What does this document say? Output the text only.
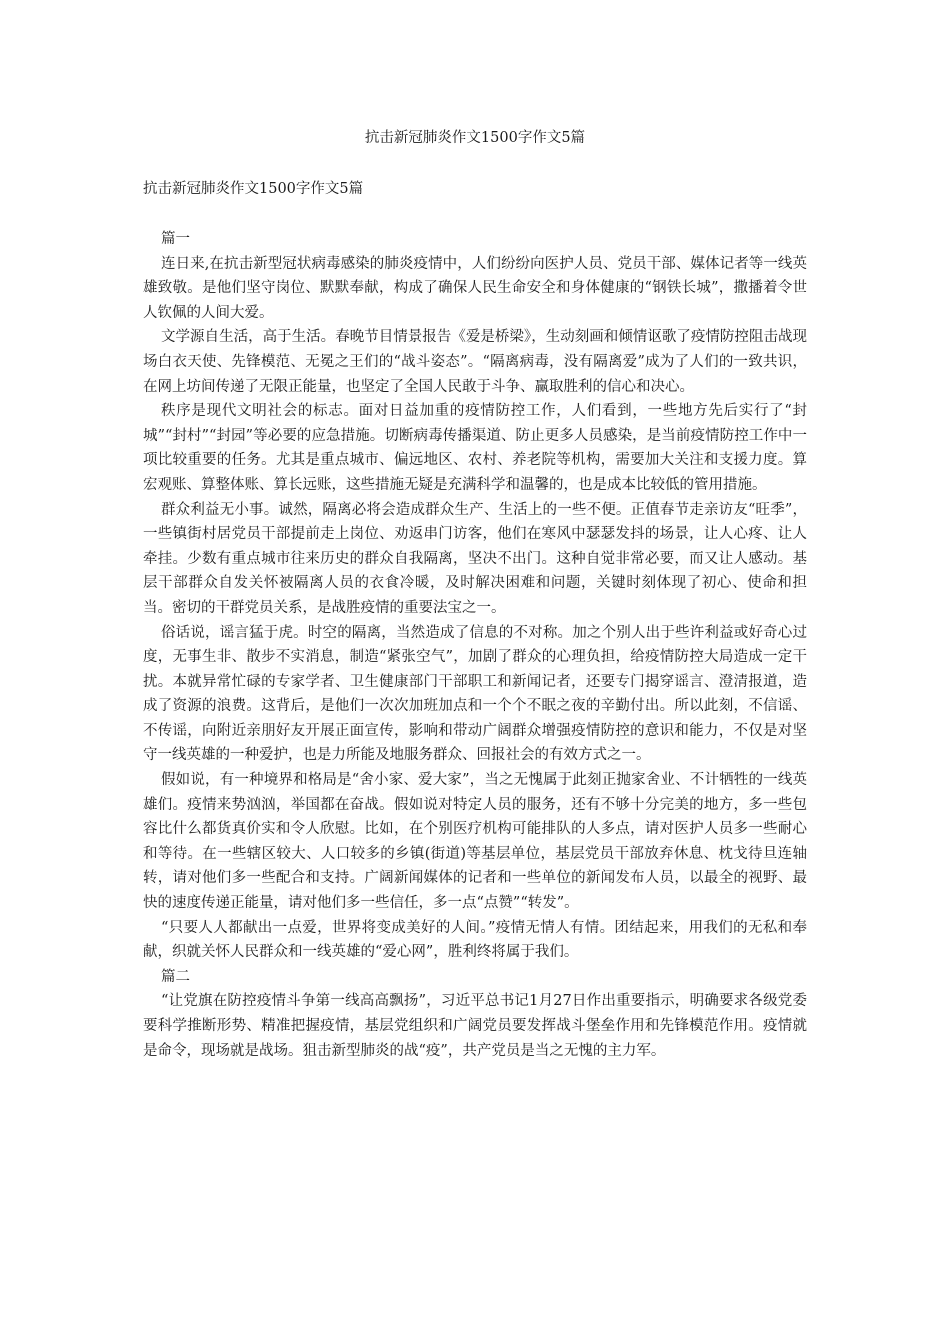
抗击新冠肺炎作文1500字作文5篇
抗击新冠肺炎作文1500字作文5篇

篇一

连日来,在抗击新型冠状病毒感染的肺炎疫情中，人们纷纷向医护人员、党员干部、媒体记者等一线英雄致敬。是他们坚守岗位、默默奉献，构成了确保人民生命安全和身体健康的“钢铁长城”，撒播着令世人钦佩的人间大爱。

文学源自生活，高于生活。春晚节目情景报告《爱是桥梁》，生动刻画和倾情讴歌了疫情防控阻击战现场白衣天使、先锋模范、无冕之王们的“战斗姿态”。“隔离病毒，没有隔离爱”成为了人们的一致共识，在网上坊间传递了无限正能量，也坚定了全国人民敢于斗争、赢取胜利的信心和决心。

秩序是现代文明社会的标志。面对日益加重的疫情防控工作，人们看到，一些地方先后实行了“封城”“封村”“封园”等必要的应急措施。切断病毒传播渠道、防止更多人员感染，是当前疫情防控工作中一项比较重要的任务。尤其是重点城市、偏远地区、农村、养老院等机构，需要加大关注和支援力度。算宏观账、算整体账、算长远账，这些措施无疑是充满科学和温馨的，也是成本比较低的管用措施。

群众利益无小事。诚然，隔离必将会造成群众生产、生活上的一些不便。正值春节走亲访友“旺季”，一些镇街村居党员干部提前走上岗位、劝返串门访客，他们在寒风中瑟瑟发抖的场景，让人心疼、让人牵挂。少数有重点城市往来历史的群众自我隔离，坚决不出门。这种自觉非常必要，而又让人感动。基层干部群众自发关怀被隔离人员的衣食冷暖，及时解决困难和问题，关键时刻体现了初心、使命和担当。密切的干群党员关系，是战胜疫情的重要法宝之一。

俗话说，谣言猛于虎。时空的隔离，当然造成了信息的不对称。加之个别人出于些许利益或好奇心过度，无事生非、散步不实消息，制造“紧张空气”，加剧了群众的心理负担，给疫情防控大局造成一定干扰。本就异常忙碌的专家学者、卫生健康部门干部职工和新闻记者，还要专门揭穿谣言、澄清报道，造成了资源的浪费。这背后，是他们一次次加班加点和一个个不眠之夜的辛勤付出。所以此刻，不信谣、不传谣，向附近亲朋好友开展正面宣传，影响和带动广阔群众增强疫情防控的意识和能力，不仅是对坚守一线英雄的一种爱护，也是力所能及地服务群众、回报社会的有效方式之一。

假如说，有一种境界和格局是“舍小家、爱大家”，当之无愧属于此刻正抛家舍业、不计牺牲的一线英雄们。疫情来势汹汹，举国都在奋战。假如说对特定人员的服务，还有不够十分完美的地方，多一些包容比什么都货真价实和令人欣慰。比如，在个别医疗机构可能排队的人多点，请对医护人员多一些耐心和等待。在一些辖区较大、人口较多的乡镇(街道)等基层单位，基层党员干部放弃休息、枕戈待旦连轴转，请对他们多一些配合和支持。广阔新闻媒体的记者和一些单位的新闻发布人员，以最全的视野、最快的速度传递正能量，请对他们多一些信任，多一点“点赞”“转发”。

“只要人人都献出一点爱，世界将变成美好的人间。”疫情无情人有情。团结起来，用我们的无私和奉献，织就关怀人民群众和一线英雄的“爱心网”，胜利终将属于我们。

篇二

“让党旗在防控疫情斗争第一线高高飘扬”，习近平总书记1月27日作出重要指示，明确要求各级党委要科学推断形势、精准把握疫情，基层党组织和广阔党员要发挥战斗堡垒作用和先锋模范作用。疫情就是命令，现场就是战场。狙击新型肺炎的战“疫”，共产党员是当之无愧的主力军。
